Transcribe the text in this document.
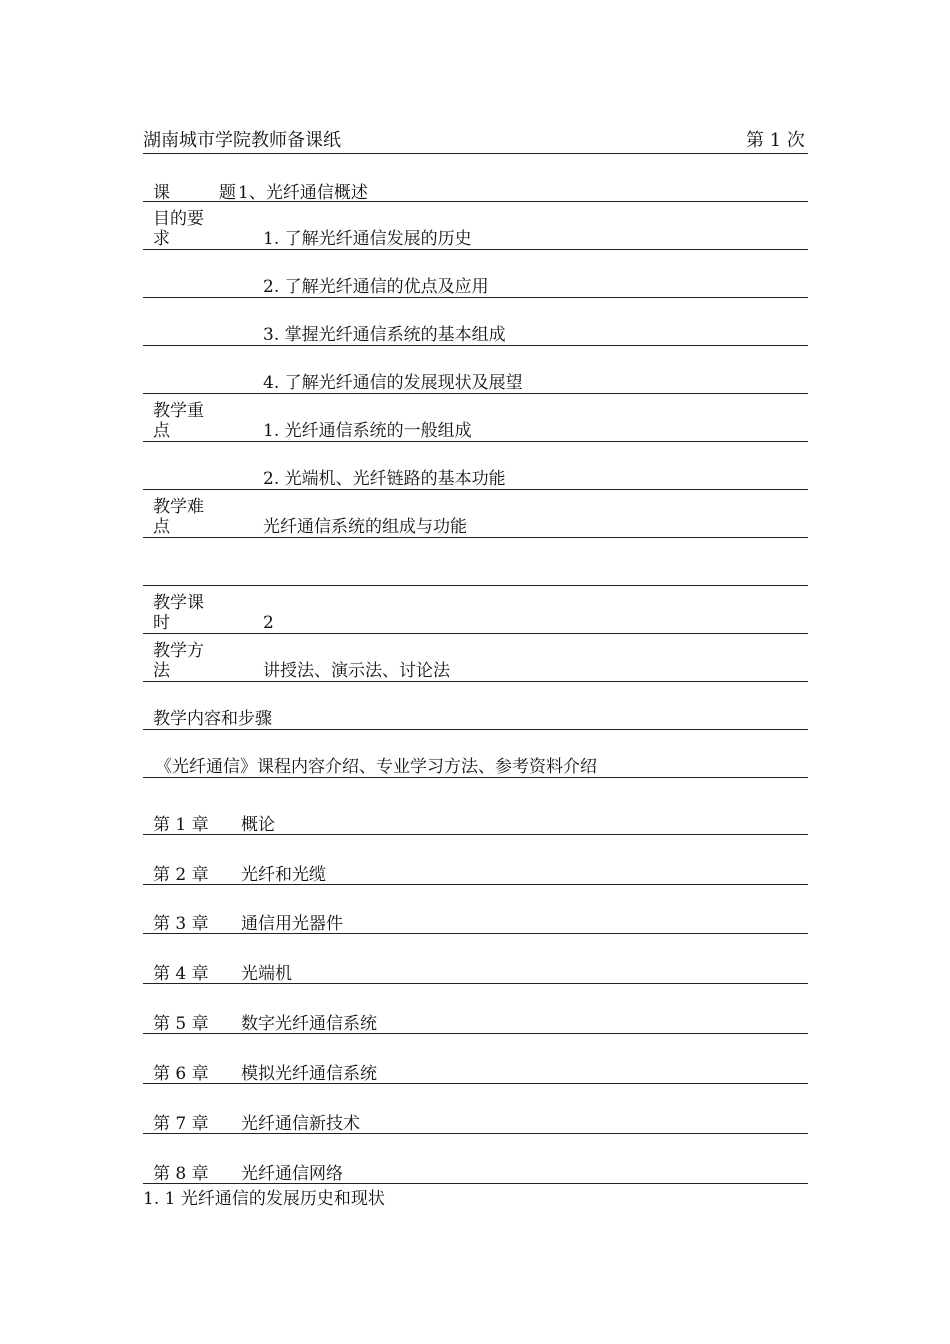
湖南城市学院教师备课纸	第 1 次
课	题 1、光纤通信概述
目的要
求	1. 了解光纤通信发展的历史
2. 了解光纤通信的优点及应用
3. 掌握光纤通信系统的基本组成
4. 了解光纤通信的发展现状及展望
教学重
点	1. 光纤通信系统的一般组成
2. 光端机、光纤链路的基本功能
教学难
点	光纤通信系统的组成与功能
教学课
时	2
教学方
法	讲授法、演示法、讨论法
教学内容和步骤
《光纤通信》课程内容介绍、专业学习方法、参考资料介绍
第 1 章 概论
第 2 章 光纤和光缆
第 3 章 通信用光器件
第 4 章 光端机
第 5 章 数字光纤通信系统
第 6 章 模拟光纤通信系统
第 7 章 光纤通信新技术
第 8 章 光纤通信网络
1. 1 光纤通信的发展历史和现状
